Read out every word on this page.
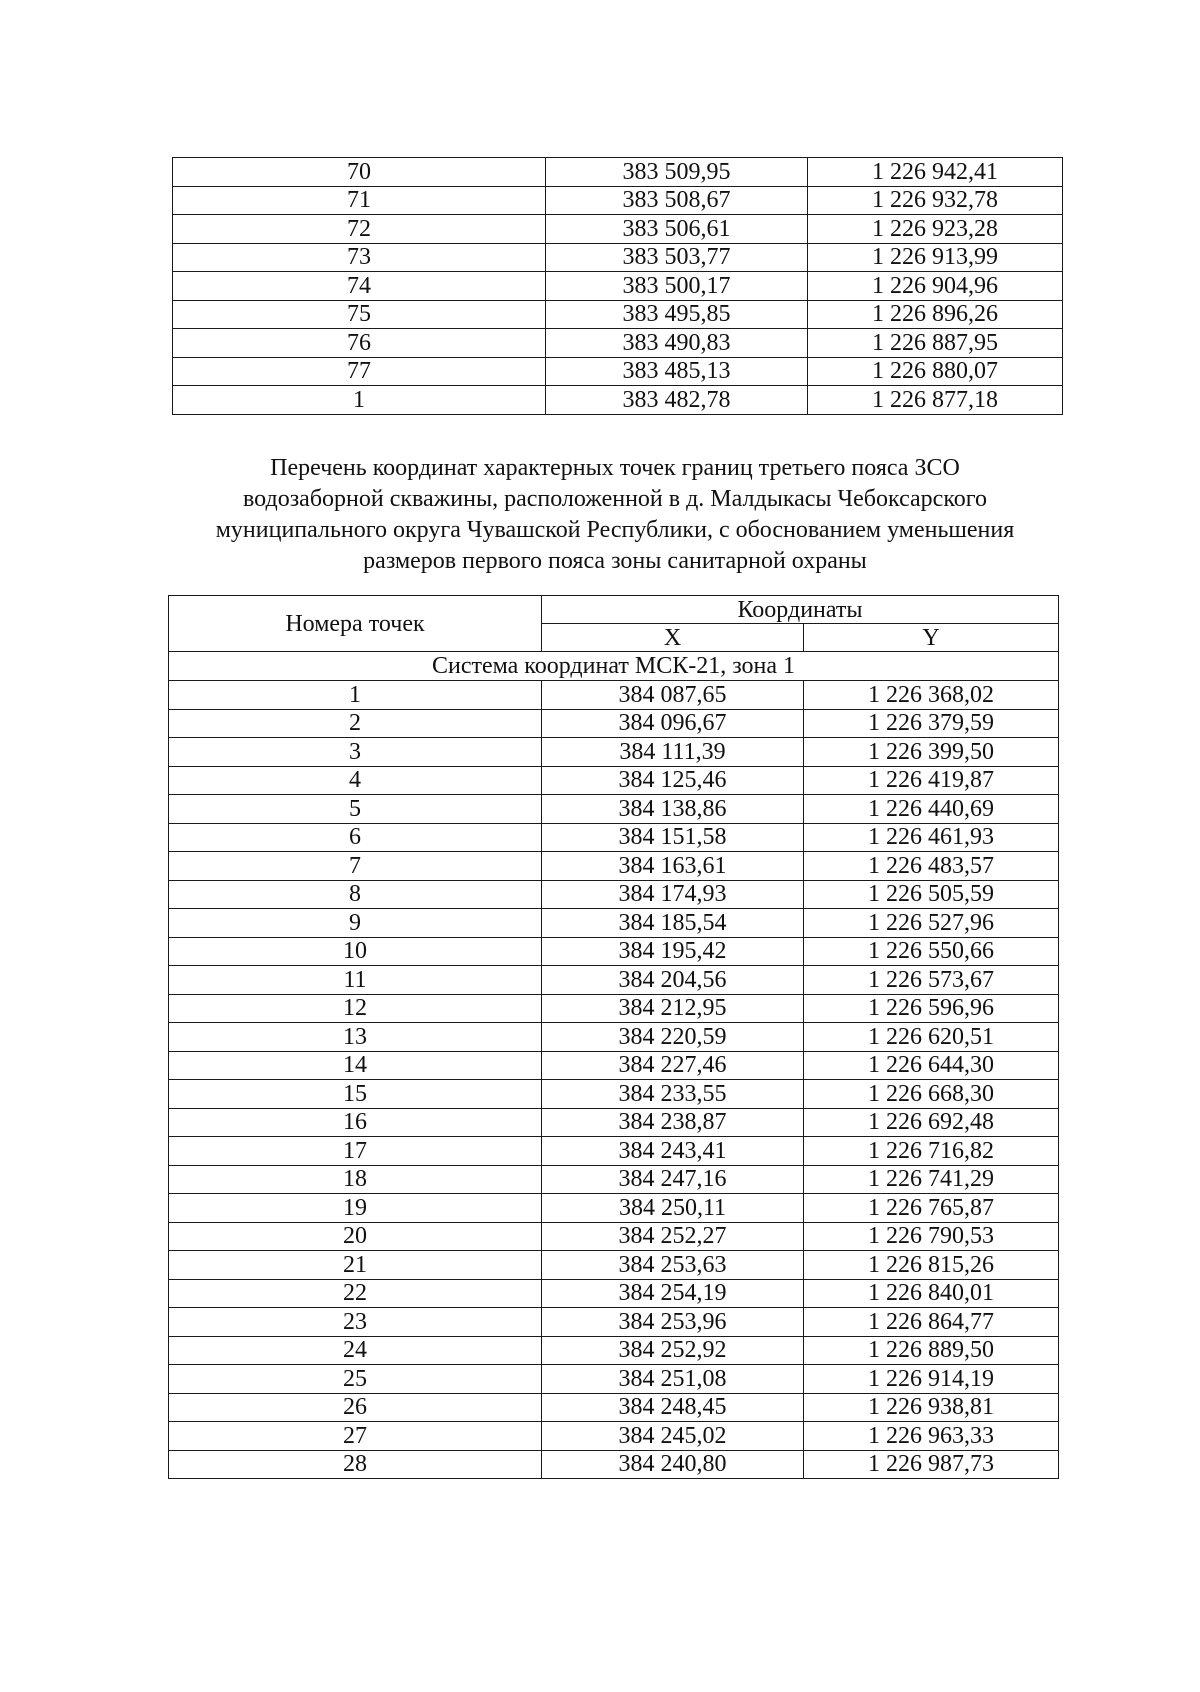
70	383 509,95	1 226 942,41
71	383 508,67	1 226 932,78
72	383 506,61	1 226 923,28
73	383 503,77	1 226 913,99
74	383 500,17	1 226 904,96
75	383 495,85	1 226 896,26
76	383 490,83	1 226 887,95
77	383 485,13	1 226 880,07
1	383 482,78	1 226 877,18

Перечень координат характерных точек границ третьего пояса ЗСО
водозаборной скважины, расположенной в д. Малдыкасы Чебоксарского
муниципального округа Чувашской Республики, с обоснованием уменьшения
размеров первого пояса зоны санитарной охраны

Номера точек	Координаты	
	X	Y
Система координат МСК-21, зона 1		
1	384 087,65	1 226 368,02
2	384 096,67	1 226 379,59
3	384 111,39	1 226 399,50
4	384 125,46	1 226 419,87
5	384 138,86	1 226 440,69
6	384 151,58	1 226 461,93
7	384 163,61	1 226 483,57
8	384 174,93	1 226 505,59
9	384 185,54	1 226 527,96
10	384 195,42	1 226 550,66
11	384 204,56	1 226 573,67
12	384 212,95	1 226 596,96
13	384 220,59	1 226 620,51
14	384 227,46	1 226 644,30
15	384 233,55	1 226 668,30
16	384 238,87	1 226 692,48
17	384 243,41	1 226 716,82
18	384 247,16	1 226 741,29
19	384 250,11	1 226 765,87
20	384 252,27	1 226 790,53
21	384 253,63	1 226 815,26
22	384 254,19	1 226 840,01
23	384 253,96	1 226 864,77
24	384 252,92	1 226 889,50
25	384 251,08	1 226 914,19
26	384 248,45	1 226 938,81
27	384 245,02	1 226 963,33
28	384 240,80	1 226 987,73
